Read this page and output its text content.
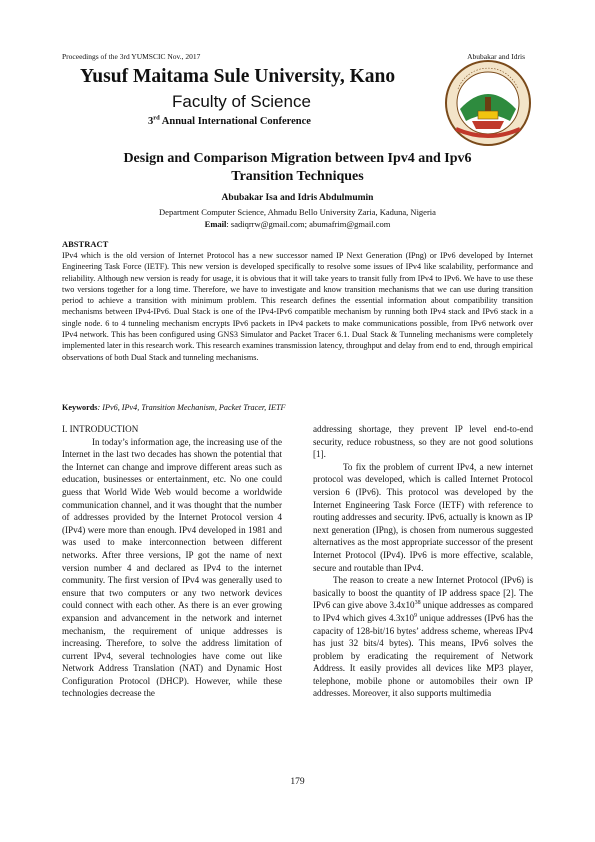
Proceedings of the 3rd YUMSCIC Nov., 2017	Abubakar and Idris
Yusuf Maitama Sule University, Kano
Faculty of Science
3rd Annual International Conference
Design and Comparison Migration between Ipv4 and Ipv6
Transition Techniques
Abubakar Isa and Idris Abdulmumin
Department Computer Science, Ahmadu Bello University Zaria, Kaduna, Nigeria
Email: sadiqrrw@gmail.com; abumafrim@gmail.com
ABSTRACT
IPv4 which is the old version of Internet Protocol has a new successor named IP Next Generation (IPng) or IPv6 developed by Internet Engineering Task Force (IETF). This new version is developed specifically to resolve some issues of IPv4 like scalability, performance and reliability. Although new version is ready for usage, it is obvious that it will take years to transit fully from IPv4 to IPv6. We have to use these two versions together for a long time. Therefore, we have to investigate and know transition mechanisms that we can use during transition period to achieve a transition with minimum problem. This research defines the essential information about compatibility transition mechanisms between IPv4-IPv6. Dual Stack is one of the IPv4-IPv6 compatible mechanism by running both IPv4 stack and IPv6 stack in a single node. 6 to 4 tunneling mechanism encrypts IPv6 packets in IPv4 packets to make communications possible, from IPv6 network over IPv4 network. This has been configured using GNS3 Simulator and Packet Tracer 6.1. Dual Stack & Tunneling mechanisms were completely implemented later in this research work. This research examines transmission latency, throughput and delay from end to end, through empirical observations of both Dual Stack and tunneling mechanisms.
Keywords: IPv6, IPv4, Transition Mechanism, Packet Tracer, IETF

I. INTRODUCTION

In today’s information age, the increasing use of the Internet in the last two decades has shown the potential that the Internet can change and improve different areas such as education, businesses or entertainment, etc. No one could guess that World Wide Web would become a worldwide communication channel, and it was thought that the number of addresses provided by the Internet Protocol version 4 (IPv4) were more than enough. IPv4 developed in 1981 and was used to make interconnection between different networks. After three versions, IP got the name of next version number 4 and declared as IPv4 to the internet community. The first version of IPv4 was generally used to ensure that two computers or any two network devices could connect with each other. As there is an ever growing expansion and advancement in the network and internet mechanism, the requirement of unique addresses is increasing. Therefore, to solve the address limitation of current IPv4, several technologies have come out like Network Address Translation (NAT) and Dynamic Host Configuration Protocol (DHCP). However, while these technologies decrease the

addressing shortage, they prevent IP level end-to-end security, reduce robustness, so they are not good solutions [1].

To fix the problem of current IPv4, a new internet protocol was developed, which is called Internet Protocol version 6 (IPv6). This protocol was developed by the Internet Engineering Task Force (IETF) with reference to routing addresses and security. IPv6, actually is known as IP next generation (IPng), is chosen from numerous suggested alternatives as the most appropriate successor of the present Internet Protocol (IPv4). IPv6 is more effective, scalable, secure and routable than IPv4.

The reason to create a new Internet Protocol (IPv6) is basically to boost the quantity of IP address space [2]. The IPv6 can give above $3.4x10^{38}$ unique addresses as compared to IPv4 which gives $4.3x10^9$ unique addresses (IPv6 has the capacity of 128-bit/16 bytes’ address scheme, whereas IPv4 has just 32 bits/4 bytes). This means, IPv6 solves the problem by eradicating the requirement of Network Address. It easily provides all devices like MP3 player, telephone, mobile phone or automobiles their own IP addresses. Moreover, it also supports multimedia

179
